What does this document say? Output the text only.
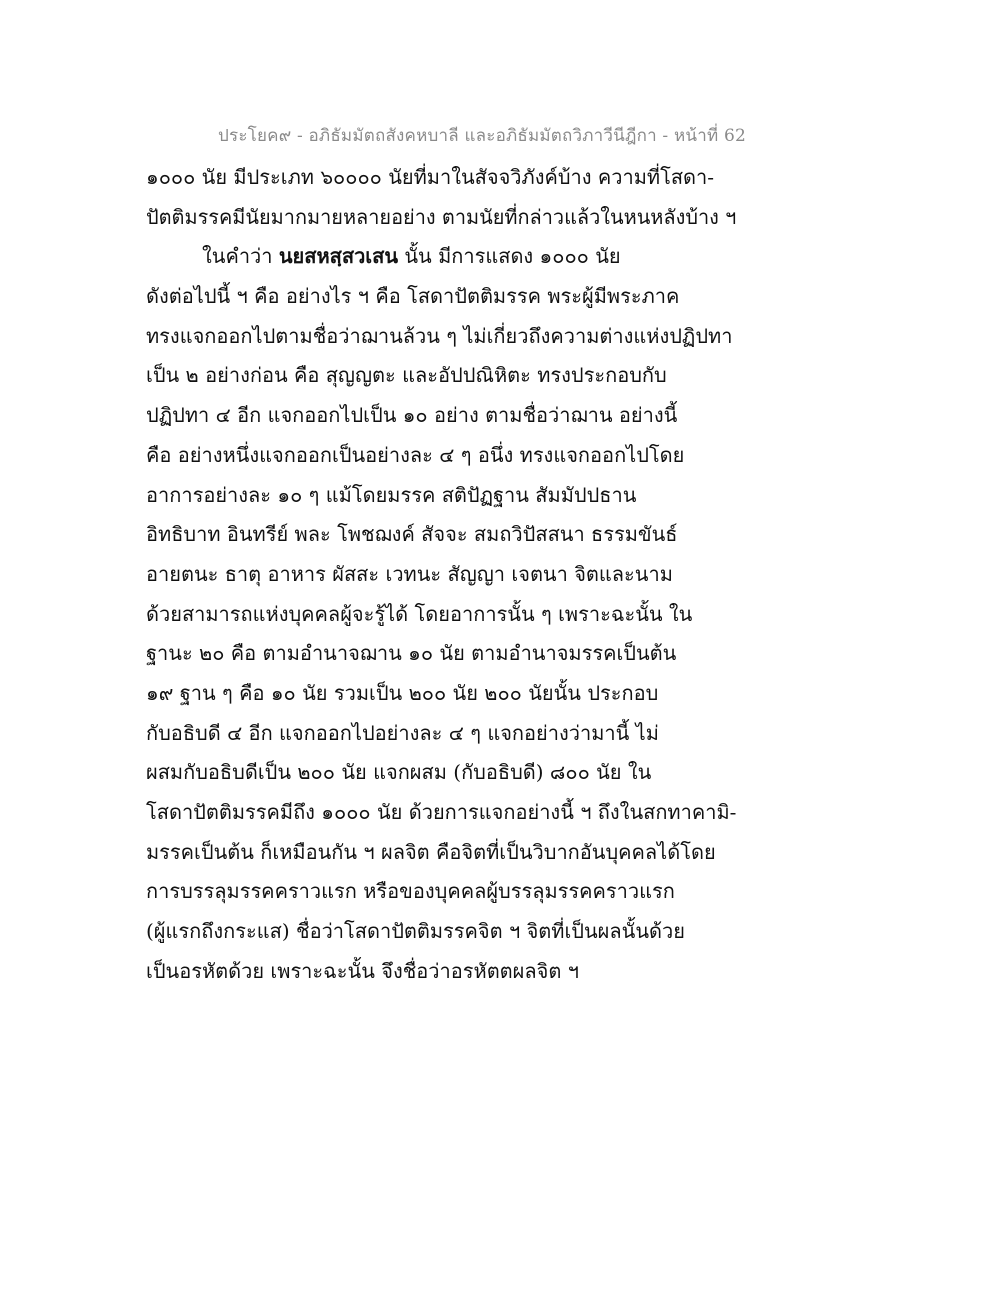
ประโยค๙ - อภิธัมมัตถสังคหบาลี และอภิธัมมัตถวิภาวีนีฎีกา - หน้าที่ 62
๑๐๐๐ นัย มีประเภท ๖๐๐๐๐ นัยที่มาในสัจจวิภังค์บ้าง ความที่โสดา-
ปัตติมรรคมีนัยมากมายหลายอย่าง ตามนัยที่กล่าวแล้วในหนหลังบ้าง ฯ
ในคำว่า นยสหสฺสวเสน นั้น มีการแสดง ๑๐๐๐ นัย
ดังต่อไปนี้ ฯ คือ อย่างไร ฯ คือ โสดาปัตติมรรค พระผู้มีพระภาค
ทรงแจกออกไปตามชื่อว่าฌานล้วน ๆ ไม่เกี่ยวถึงความต่างแห่งปฏิปทา
เป็น ๒ อย่างก่อน คือ สุญญตะ และอัปปณิหิตะ ทรงประกอบกับ
ปฏิปทา ๔ อีก แจกออกไปเป็น ๑๐ อย่าง ตามชื่อว่าฌาน อย่างนี้
คือ อย่างหนึ่งแจกออกเป็นอย่างละ ๔ ๆ อนึ่ง ทรงแจกออกไปโดย
อาการอย่างละ ๑๐ ๆ แม้โดยมรรค สติปัฏฐาน สัมมัปปธาน
อิทธิบาท อินทรีย์ พละ โพชฌงค์ สัจจะ สมถวิปัสสนา ธรรมขันธ์
อายตนะ ธาตุ อาหาร ผัสสะ เวทนะ สัญญา เจตนา จิตและนาม
ด้วยสามารถแห่งบุคคลผู้จะรู้ได้ โดยอาการนั้น ๆ เพราะฉะนั้น ใน
ฐานะ ๒๐ คือ ตามอำนาจฌาน ๑๐ นัย ตามอำนาจมรรคเป็นต้น
๑๙ ฐาน ๆ คือ ๑๐ นัย รวมเป็น ๒๐๐ นัย ๒๐๐ นัยนั้น ประกอบ
กับอธิบดี ๔ อีก แจกออกไปอย่างละ ๔ ๆ แจกอย่างว่ามานี้ ไม่
ผสมกับอธิบดีเป็น ๒๐๐ นัย แจกผสม (กับอธิบดี) ๘๐๐ นัย ใน
โสดาปัตติมรรคมีถึง ๑๐๐๐ นัย ด้วยการแจกอย่างนี้ ฯ ถึงในสกทาคามิ-
มรรคเป็นต้น ก็เหมือนกัน ฯ ผลจิต คือจิตที่เป็นวิบากอันบุคคลได้โดย
การบรรลุมรรคคราวแรก หรือของบุคคลผู้บรรลุมรรคคราวแรก
(ผู้แรกถึงกระแส) ชื่อว่าโสดาปัตติมรรคจิต ฯ จิตที่เป็นผลนั้นด้วย
เป็นอรหัตด้วย เพราะฉะนั้น จึงชื่อว่าอรหัตตผลจิต ฯ
